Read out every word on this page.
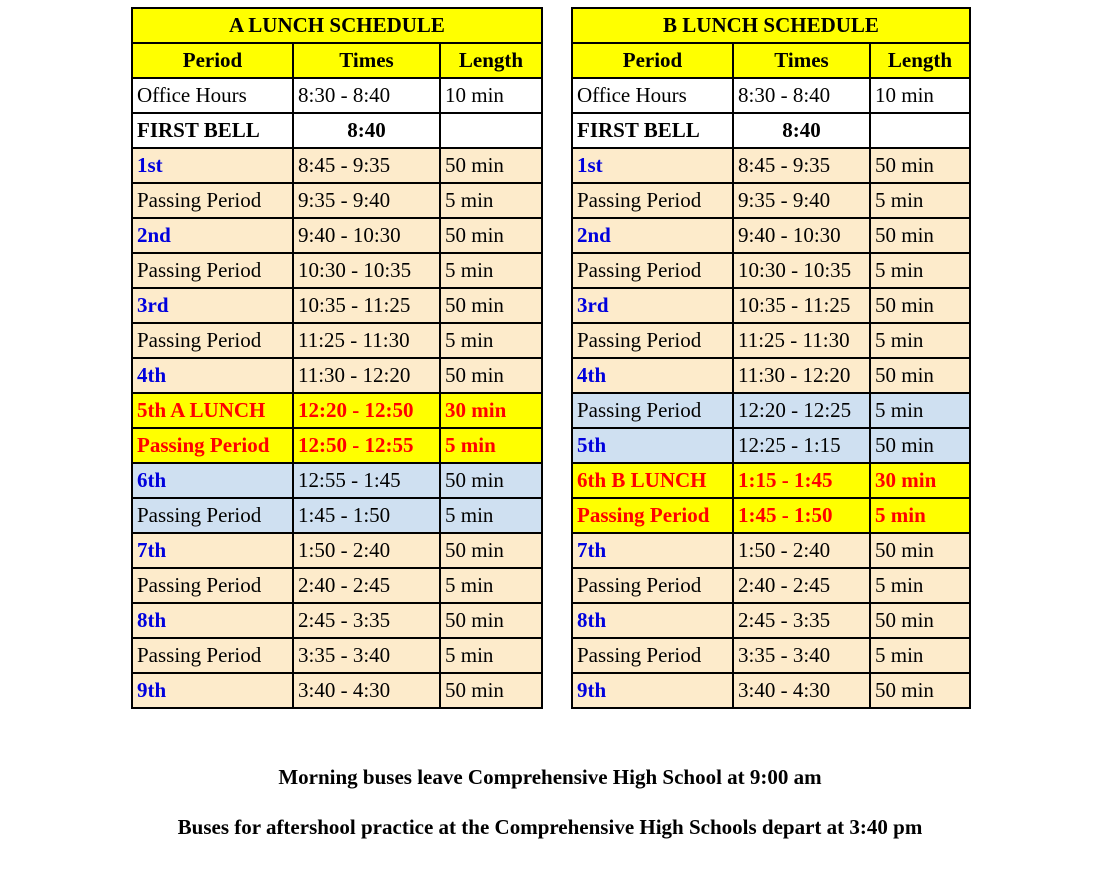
A LUNCH SCHEDULE		
Period	Times	Length
Office Hours	8:30 - 8:40	10 min
FIRST BELL	8:40	
1st	8:45 - 9:35	50 min
Passing Period	9:35 - 9:40	5 min
2nd	9:40 - 10:30	50 min
Passing Period	10:30 - 10:35	5 min
3rd	10:35 - 11:25	50 min
Passing Period	11:25 - 11:30	5 min
4th	11:30 - 12:20	50 min
5th A LUNCH	12:20 - 12:50	30 min
Passing Period	12:50 - 12:55	5 min
6th	12:55 - 1:45	50 min
Passing Period	1:45 - 1:50	5 min
7th	1:50 - 2:40	50 min
Passing Period	2:40 - 2:45	5 min
8th	2:45 - 3:35	50 min
Passing Period	3:35 - 3:40	5 min
9th	3:40 - 4:30	50 min
B LUNCH SCHEDULE		
Period	Times	Length
Office Hours	8:30 - 8:40	10 min
FIRST BELL	8:40	
1st	8:45 - 9:35	50 min
Passing Period	9:35 - 9:40	5 min
2nd	9:40 - 10:30	50 min
Passing Period	10:30 - 10:35	5 min
3rd	10:35 - 11:25	50 min
Passing Period	11:25 - 11:30	5 min
4th	11:30 - 12:20	50 min
Passing Period	12:20 - 12:25	5 min
5th	12:25 - 1:15	50 min
6th B LUNCH	1:15 - 1:45	30 min
Passing Period	1:45 - 1:50	5 min
7th	1:50 - 2:40	50 min
Passing Period	2:40 - 2:45	5 min
8th	2:45 - 3:35	50 min
Passing Period	3:35 - 3:40	5 min
9th	3:40 - 4:30	50 min
Morning buses leave Comprehensive High School at 9:00 am
Buses for aftershool practice at the Comprehensive High Schools depart at 3:40 pm
